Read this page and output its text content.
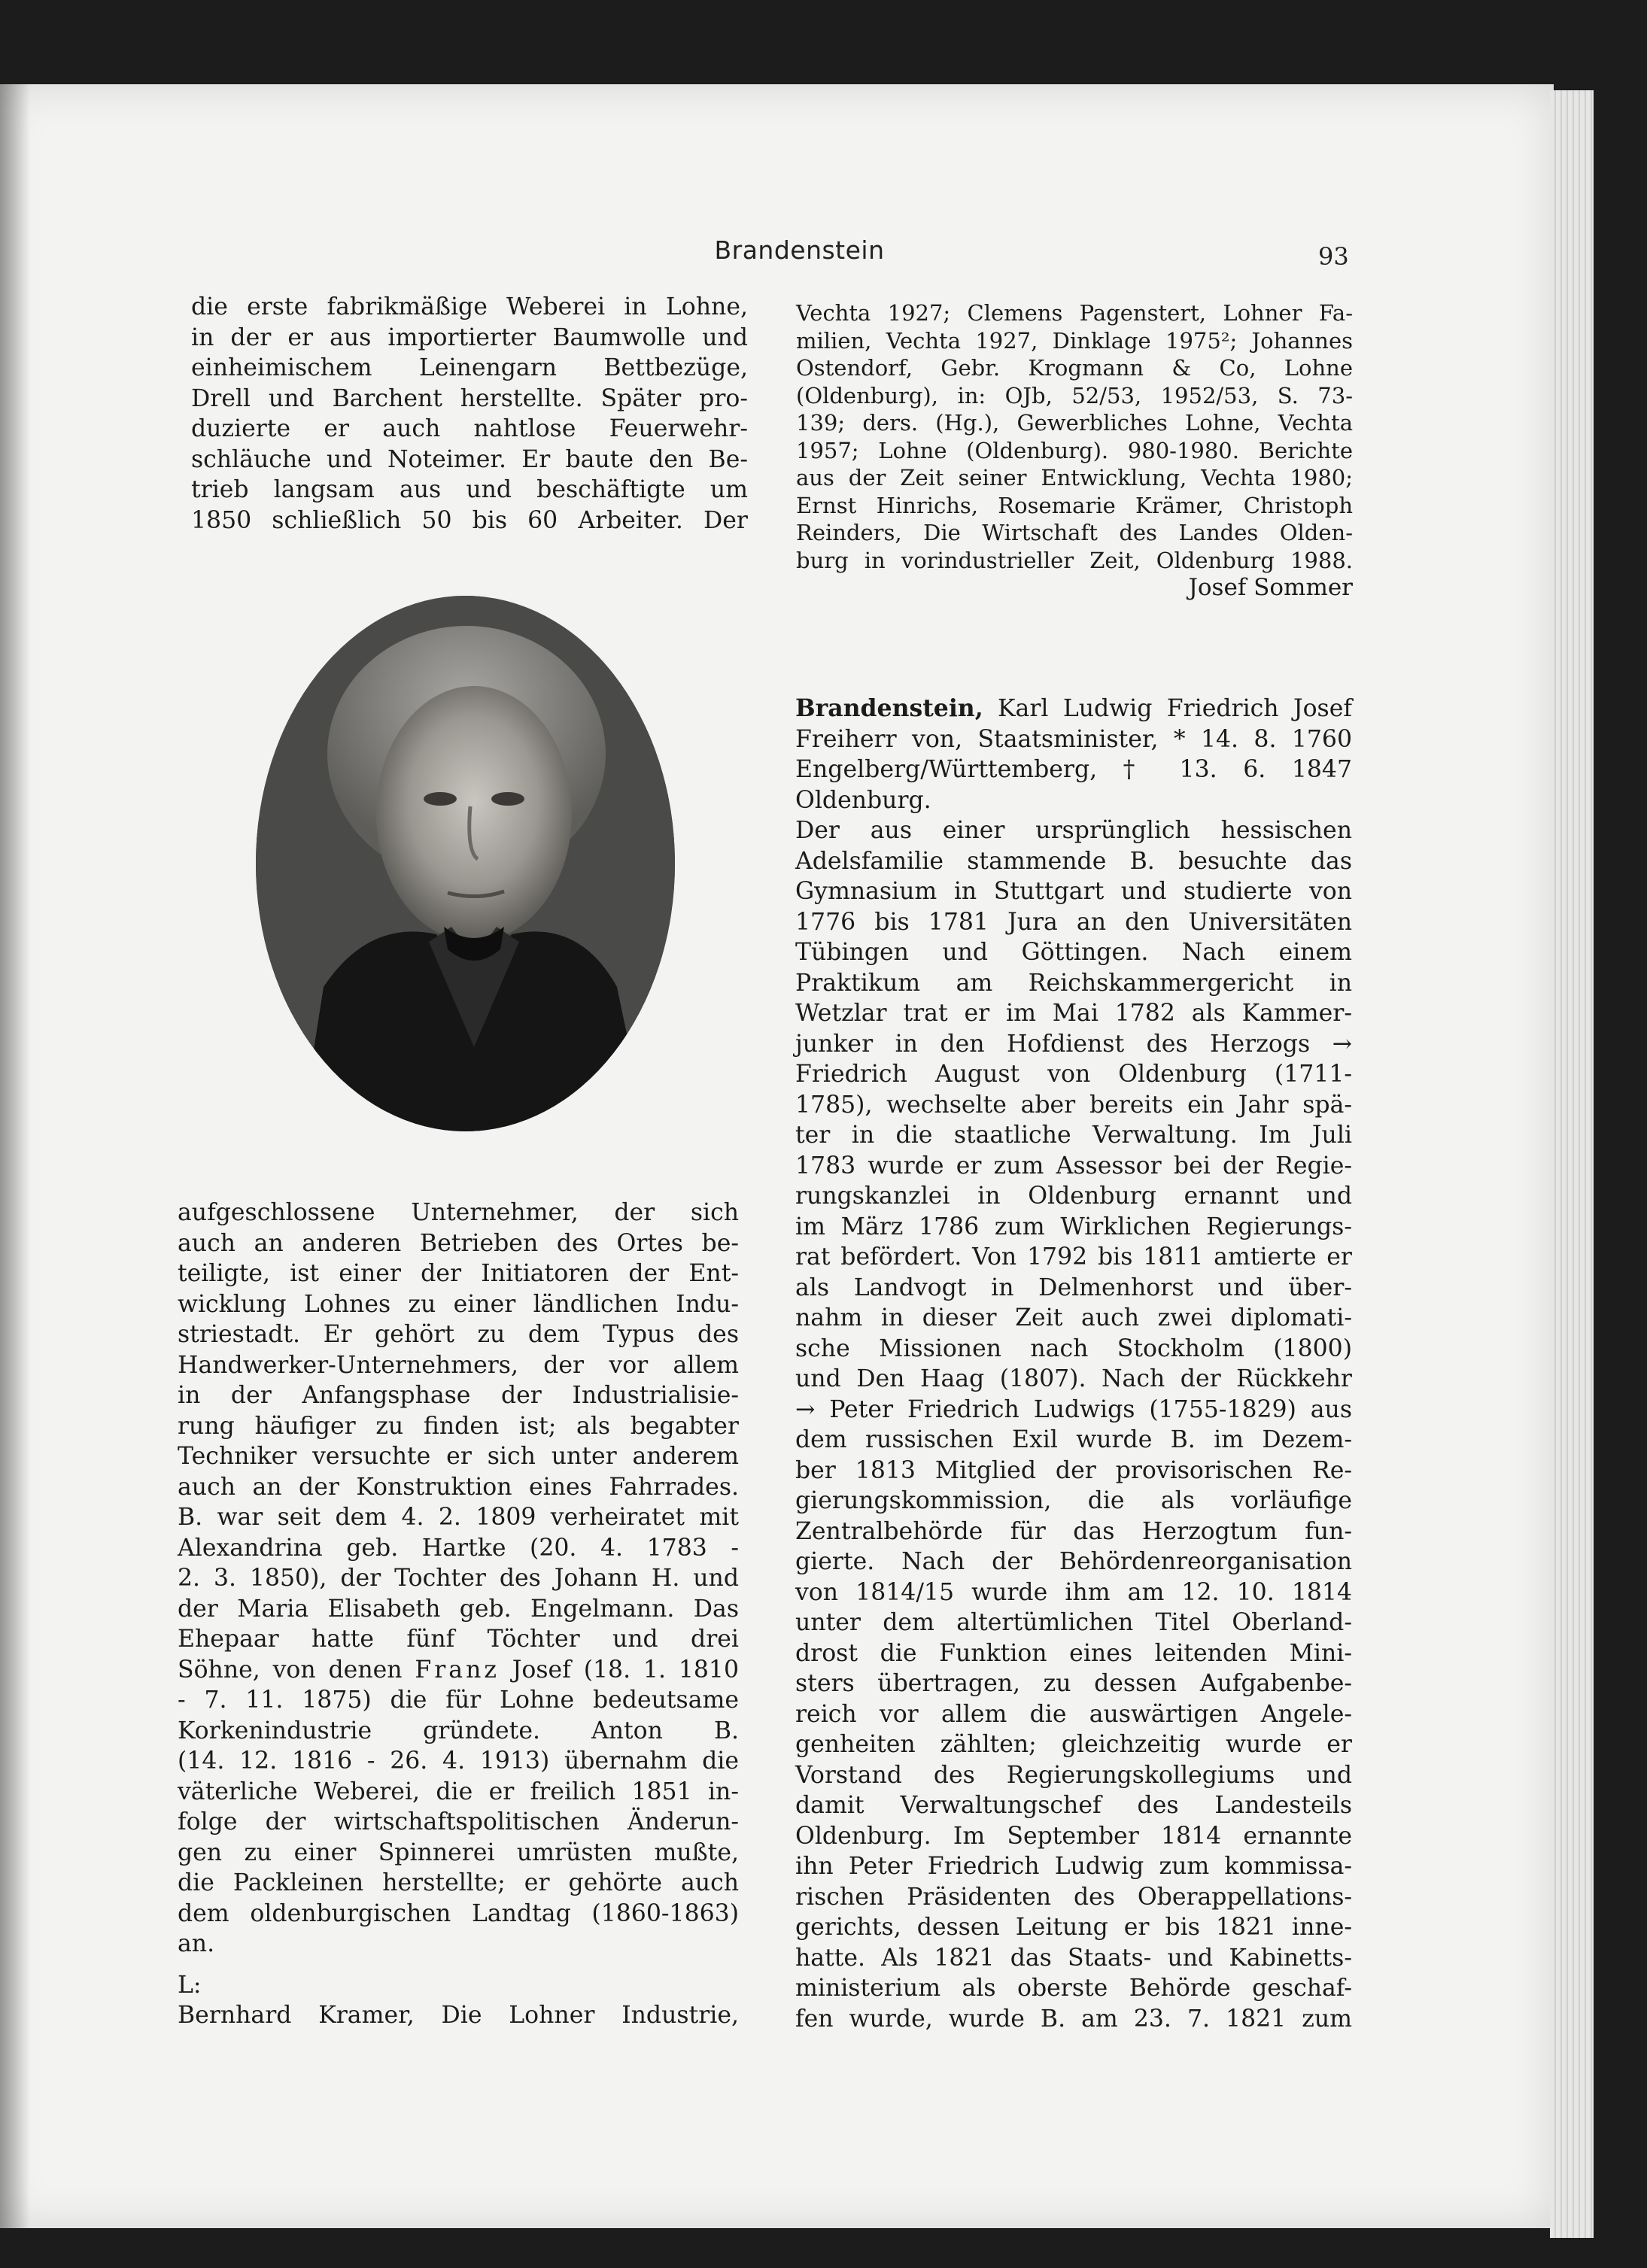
Brandenstein	93
die erste fabrikmäßige Weberei in Lohne,
in der er aus importierter Baumwolle und
einheimischem Leinengarn Bettbezüge,
Drell und Barchent herstellte. Später pro-
duzierte er auch nahtlose Feuerwehr-
schläuche und Noteimer. Er baute den Be-
trieb langsam aus und beschäftigte um
1850 schließlich 50 bis 60 Arbeiter. Der
aufgeschlossene Unternehmer, der sich
auch an anderen Betrieben des Ortes be-
teiligte, ist einer der Initiatoren der Ent-
wicklung Lohnes zu einer ländlichen Indu-
striestadt. Er gehört zu dem Typus des
Handwerker-Unternehmers, der vor allem
in der Anfangsphase der Industrialisie-
rung häufiger zu finden ist; als begabter
Techniker versuchte er sich unter anderem
auch an der Konstruktion eines Fahrrades.
B. war seit dem 4. 2. 1809 verheiratet mit
Alexandrina geb. Hartke (20. 4. 1783 -
2. 3. 1850), der Tochter des Johann H. und
der Maria Elisabeth geb. Engelmann. Das
Ehepaar hatte fünf Töchter und drei
Söhne, von denen Franz Josef (18. 1. 1810
- 7. 11. 1875) die für Lohne bedeutsame
Korkenindustrie gründete. Anton B.
(14. 12. 1816 - 26. 4. 1913) übernahm die
väterliche Weberei, die er freilich 1851 in-
folge der wirtschaftspolitischen Änderun-
gen zu einer Spinnerei umrüsten mußte,
die Packleinen herstellte; er gehörte auch
dem oldenburgischen Landtag (1860-1863)
an.
L:
Bernhard Kramer, Die Lohner Industrie,
Vechta 1927; Clemens Pagenstert, Lohner Fa-
milien, Vechta 1927, Dinklage 1975²; Johannes
Ostendorf, Gebr. Krogmann & Co, Lohne
(Oldenburg), in: OJb, 52/53, 1952/53, S. 73-
139; ders. (Hg.), Gewerbliches Lohne, Vechta
1957; Lohne (Oldenburg). 980-1980. Berichte
aus der Zeit seiner Entwicklung, Vechta 1980;
Ernst Hinrichs, Rosemarie Krämer, Christoph
Reinders, Die Wirtschaft des Landes Olden-
burg in vorindustrieller Zeit, Oldenburg 1988.
Josef Sommer
Brandenstein, Karl Ludwig Friedrich Josef
Freiherr von, Staatsminister, * 14. 8. 1760
Engelberg/Württemberg, † 13. 6. 1847
Oldenburg.
Der aus einer ursprünglich hessischen
Adelsfamilie stammende B. besuchte das
Gymnasium in Stuttgart und studierte von
1776 bis 1781 Jura an den Universitäten
Tübingen und Göttingen. Nach einem
Praktikum am Reichskammergericht in
Wetzlar trat er im Mai 1782 als Kammer-
junker in den Hofdienst des Herzogs →
Friedrich August von Oldenburg (1711-
1785), wechselte aber bereits ein Jahr spä-
ter in die staatliche Verwaltung. Im Juli
1783 wurde er zum Assessor bei der Regie-
rungskanzlei in Oldenburg ernannt und
im März 1786 zum Wirklichen Regierungs-
rat befördert. Von 1792 bis 1811 amtierte er
als Landvogt in Delmenhorst und über-
nahm in dieser Zeit auch zwei diplomati-
sche Missionen nach Stockholm (1800)
und Den Haag (1807). Nach der Rückkehr
→ Peter Friedrich Ludwigs (1755-1829) aus
dem russischen Exil wurde B. im Dezem-
ber 1813 Mitglied der provisorischen Re-
gierungskommission, die als vorläufige
Zentralbehörde für das Herzogtum fun-
gierte. Nach der Behördenreorganisation
von 1814/15 wurde ihm am 12. 10. 1814
unter dem altertümlichen Titel Oberland-
drost die Funktion eines leitenden Mini-
sters übertragen, zu dessen Aufgabenbe-
reich vor allem die auswärtigen Angele-
genheiten zählten; gleichzeitig wurde er
Vorstand des Regierungskollegiums und
damit Verwaltungschef des Landesteils
Oldenburg. Im September 1814 ernannte
ihn Peter Friedrich Ludwig zum kommissa-
rischen Präsidenten des Oberappellations-
gerichts, dessen Leitung er bis 1821 inne-
hatte. Als 1821 das Staats- und Kabinetts-
ministerium als oberste Behörde geschaf-
fen wurde, wurde B. am 23. 7. 1821 zum
